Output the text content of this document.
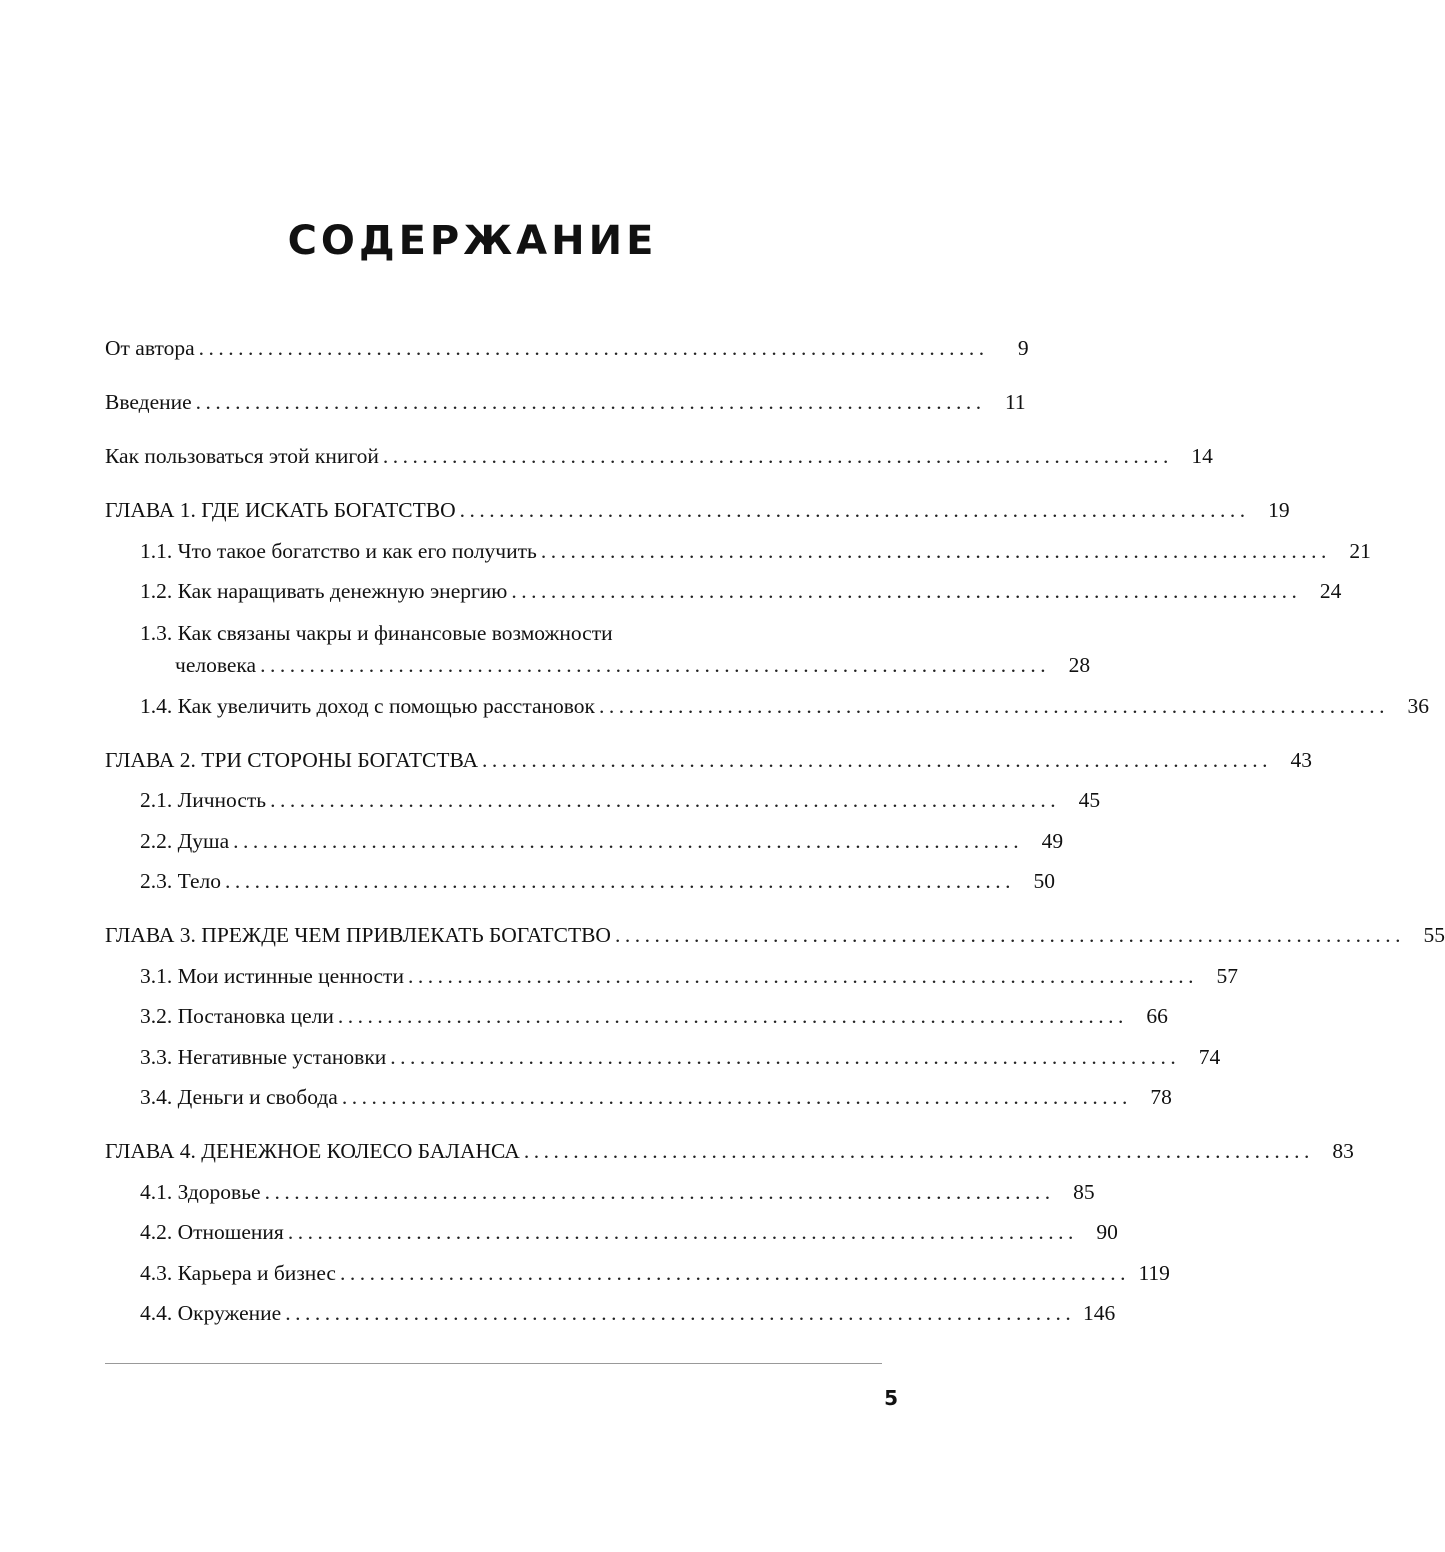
СОДЕРЖАНИЕ
От автора ................................................................................	9
Введение ................................................................................ 11
Как пользоваться этой книгой ................................................................................ 14
ГЛАВА 1. ГДЕ ИСКАТЬ БОГАТСТВО ................................................................................ 19
1.1. Что такое богатство и как его получить ................................................................................ 21
1.2. Как наращивать денежную энергию ................................................................................ 24
1.3. Как связаны чакры и финансовые возможности
человека ................................................................................ 28
1.4. Как увеличить доход с помощью расстановок ................................................................................ 36
ГЛАВА 2. ТРИ СТОРОНЫ БОГАТСТВА ................................................................................ 43
2.1. Личность ................................................................................ 45
2.2. Душа ................................................................................ 49
2.3. Тело ................................................................................ 50
ГЛАВА 3. ПРЕЖДЕ ЧЕМ ПРИВЛЕКАТЬ БОГАТСТВО ................................................................................ 55
3.1. Мои истинные ценности ................................................................................ 57
3.2. Постановка цели ................................................................................ 66
3.3. Негативные установки ................................................................................ 74
3.4. Деньги и свобода ................................................................................ 78
ГЛАВА 4. ДЕНЕЖНОЕ КОЛЕСО БАЛАНСА ................................................................................ 83
4.1. Здоровье ................................................................................ 85
4.2. Отношения ................................................................................ 90
4.3. Карьера и бизнес ................................................................................ 119
4.4. Окружение ................................................................................ 146
5
